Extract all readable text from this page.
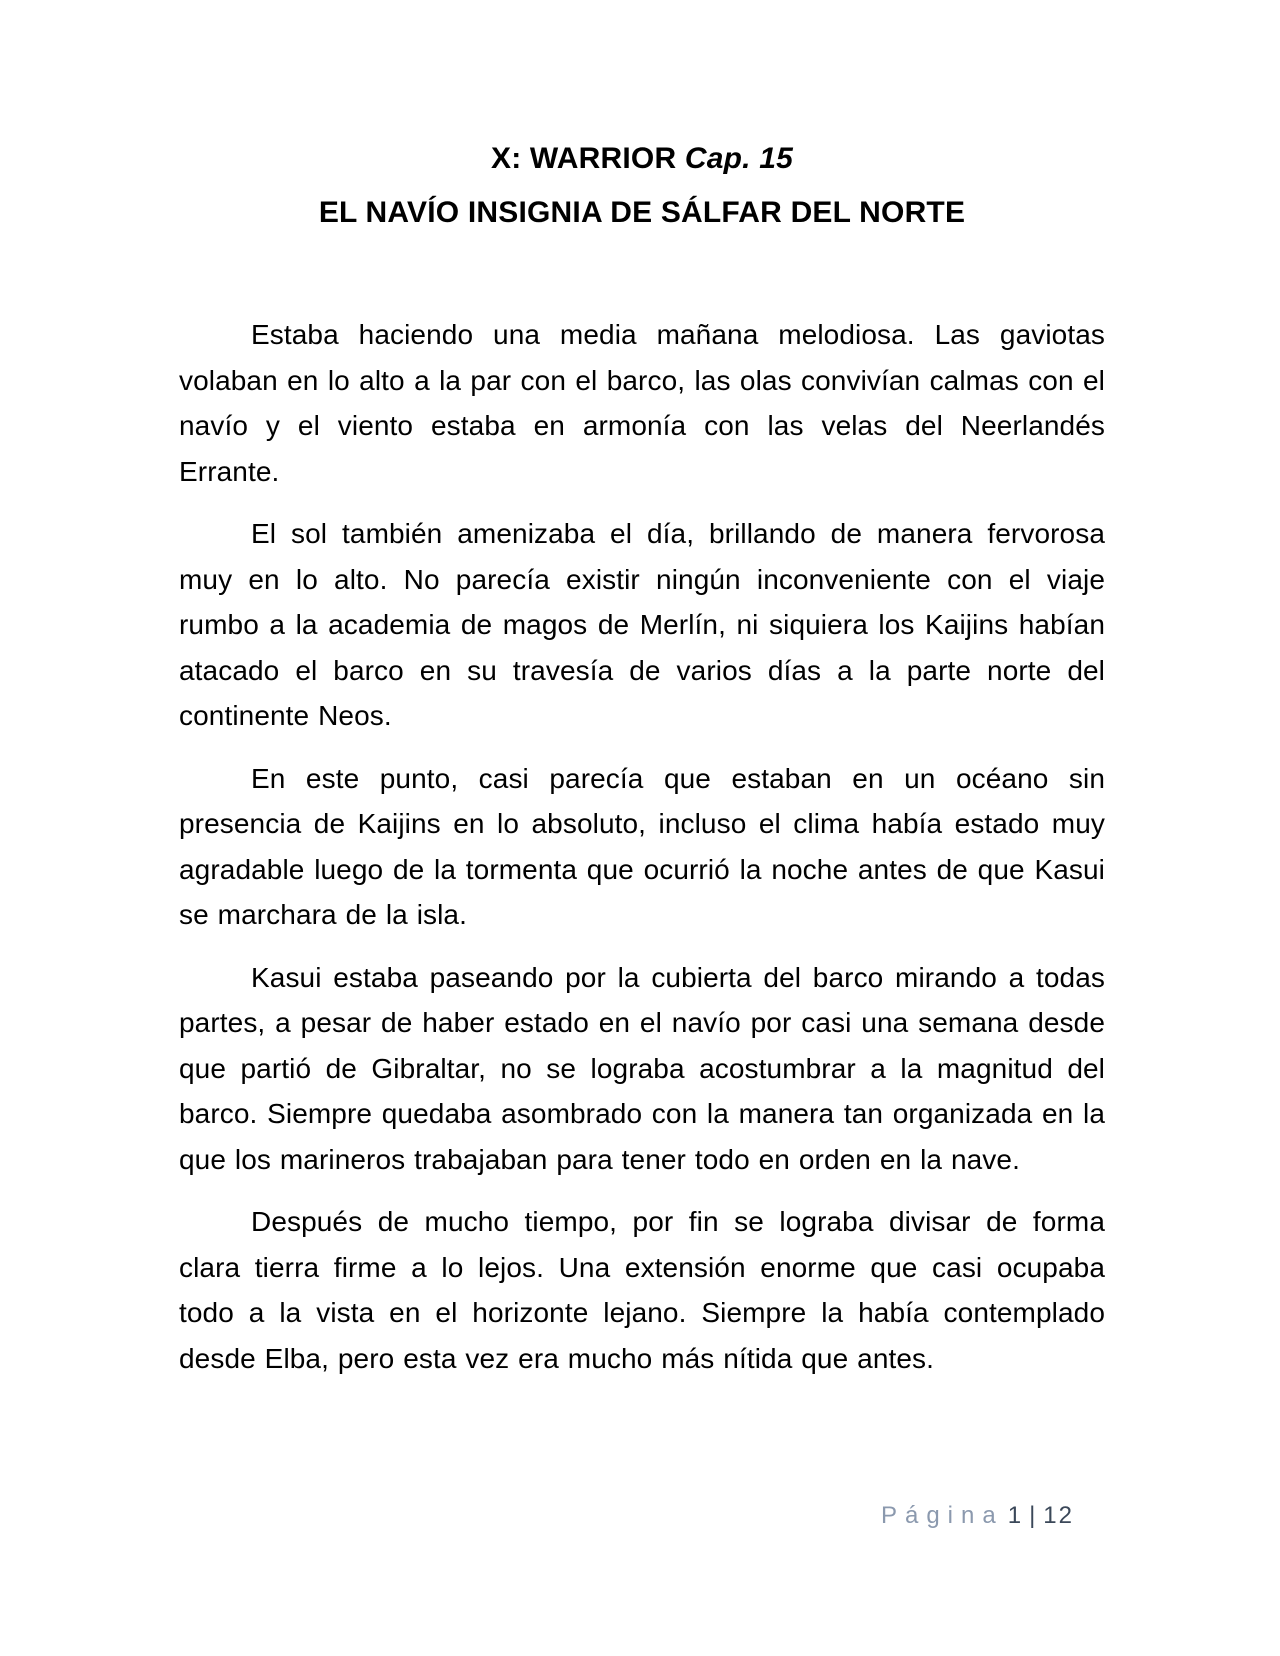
X: WARRIOR Cap. 15
EL NAVÍO INSIGNIA DE SÁLFAR DEL NORTE

Estaba haciendo una media mañana melodiosa. Las gaviotas volaban en lo alto a la par con el barco, las olas convivían calmas con el navío y el viento estaba en armonía con las velas del Neerlandés Errante.

El sol también amenizaba el día, brillando de manera fervorosa muy en lo alto. No parecía existir ningún inconveniente con el viaje rumbo a la academia de magos de Merlín, ni siquiera los Kaijins habían atacado el barco en su travesía de varios días a la parte norte del continente Neos.

En este punto, casi parecía que estaban en un océano sin presencia de Kaijins en lo absoluto, incluso el clima había estado muy agradable luego de la tormenta que ocurrió la noche antes de que Kasui se marchara de la isla.

Kasui estaba paseando por la cubierta del barco mirando a todas partes, a pesar de haber estado en el navío por casi una semana desde que partió de Gibraltar, no se lograba acostumbrar a la magnitud del barco. Siempre quedaba asombrado con la manera tan organizada en la que los marineros trabajaban para tener todo en orden en la nave.

Después de mucho tiempo, por fin se lograba divisar de forma clara tierra firme a lo lejos. Una extensión enorme que casi ocupaba todo a la vista en el horizonte lejano. Siempre la había contemplado desde Elba, pero esta vez era mucho más nítida que antes.

Página 1 | 12
